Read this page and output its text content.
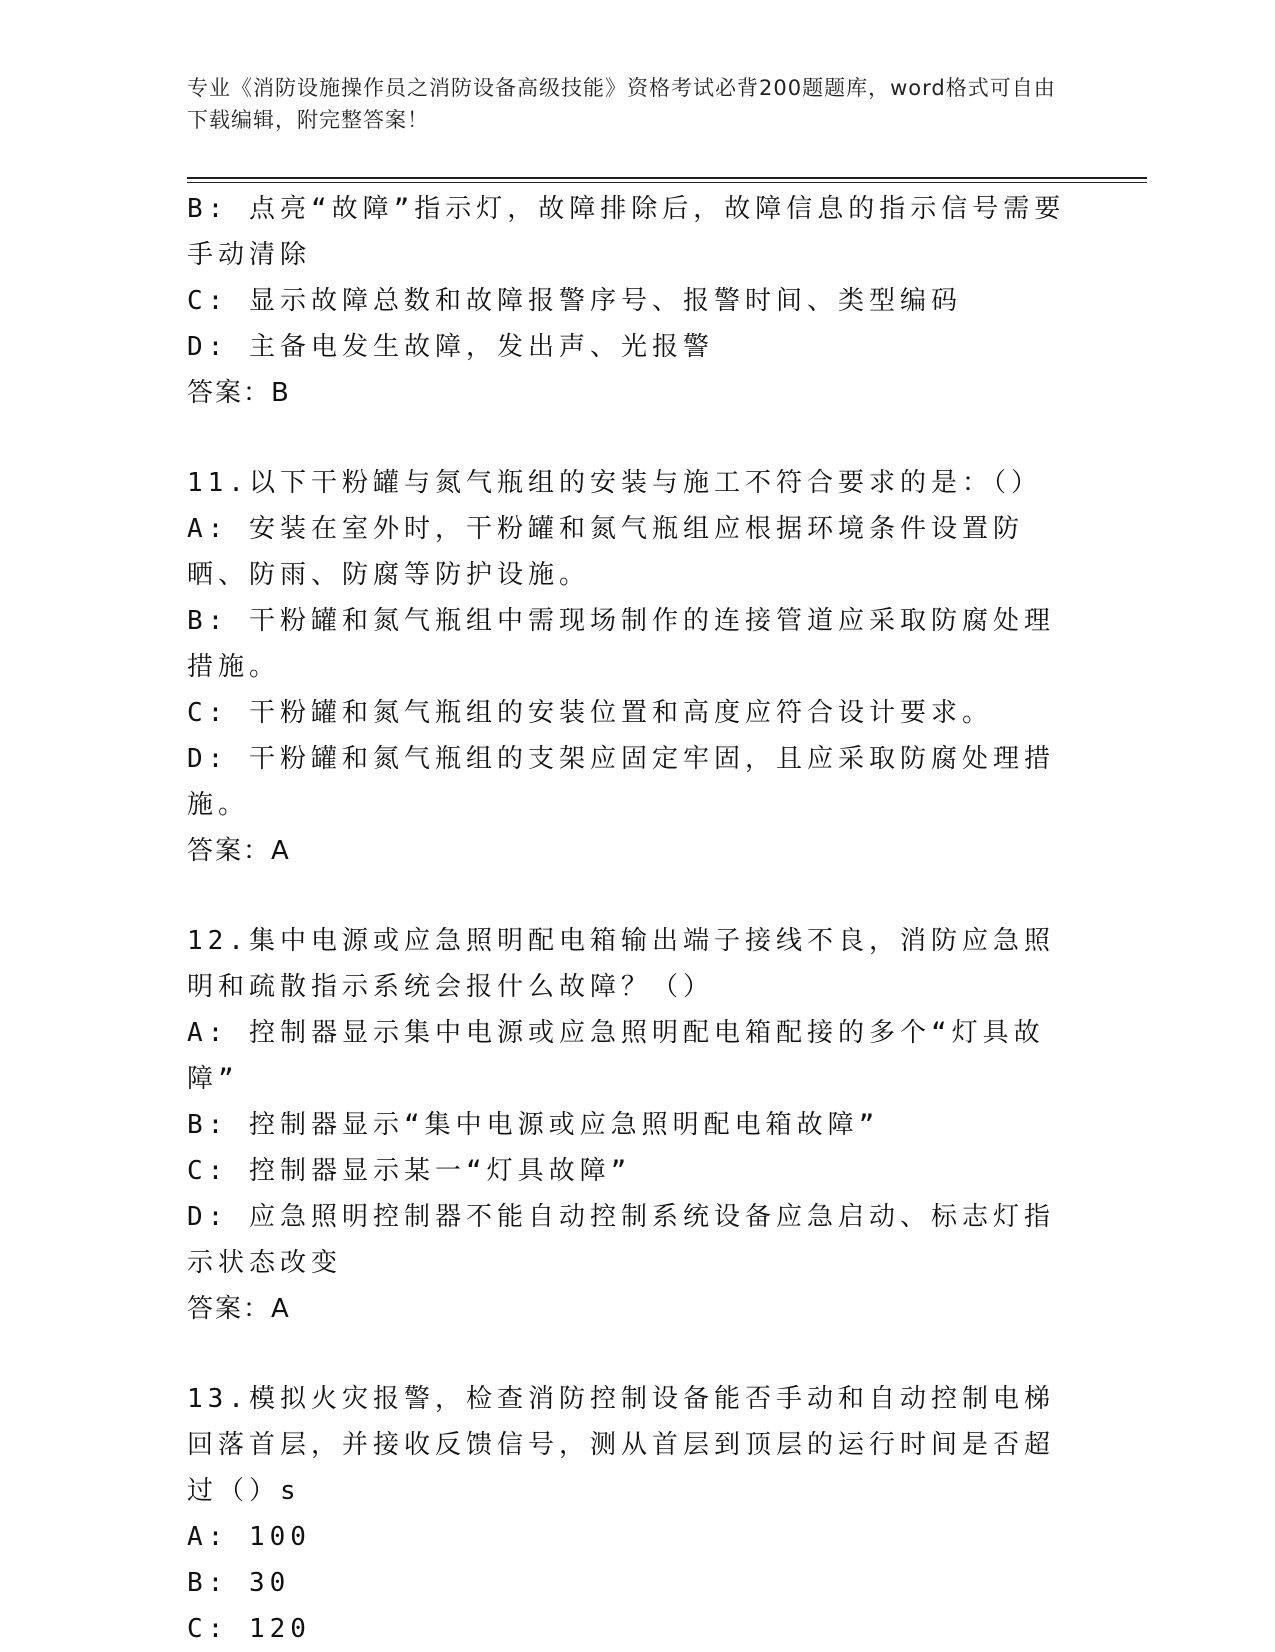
专业《消防设施操作员之消防设备高级技能》资格考试必背200题题库，word格式可自由下载编辑，附完整答案！
B: 点亮“故障”指示灯，故障排除后，故障信息的指示信号需要手动清除
C: 显示故障总数和故障报警序号、报警时间、类型编码
D: 主备电发生故障，发出声、光报警
答案：B
11.以下干粉罐与氮气瓶组的安装与施工不符合要求的是：（）
A: 安装在室外时，干粉罐和氮气瓶组应根据环境条件设置防晒、防雨、防腐等防护设施。
B: 干粉罐和氮气瓶组中需现场制作的连接管道应采取防腐处理措施。
C: 干粉罐和氮气瓶组的安装位置和高度应符合设计要求。
D: 干粉罐和氮气瓶组的支架应固定牢固，且应采取防腐处理措施。
答案：A
12.集中电源或应急照明配电箱输出端子接线不良，消防应急照明和疏散指示系统会报什么故障？（）
A: 控制器显示集中电源或应急照明配电箱配接的多个“灯具故障”
B: 控制器显示“集中电源或应急照明配电箱故障”
C: 控制器显示某一“灯具故障”
D: 应急照明控制器不能自动控制系统设备应急启动、标志灯指示状态改变
答案：A
13.模拟火灾报警，检查消防控制设备能否手动和自动控制电梯回落首层，并接收反馈信号，测从首层到顶层的运行时间是否超过（）s
A: 100
B: 30
C: 120
